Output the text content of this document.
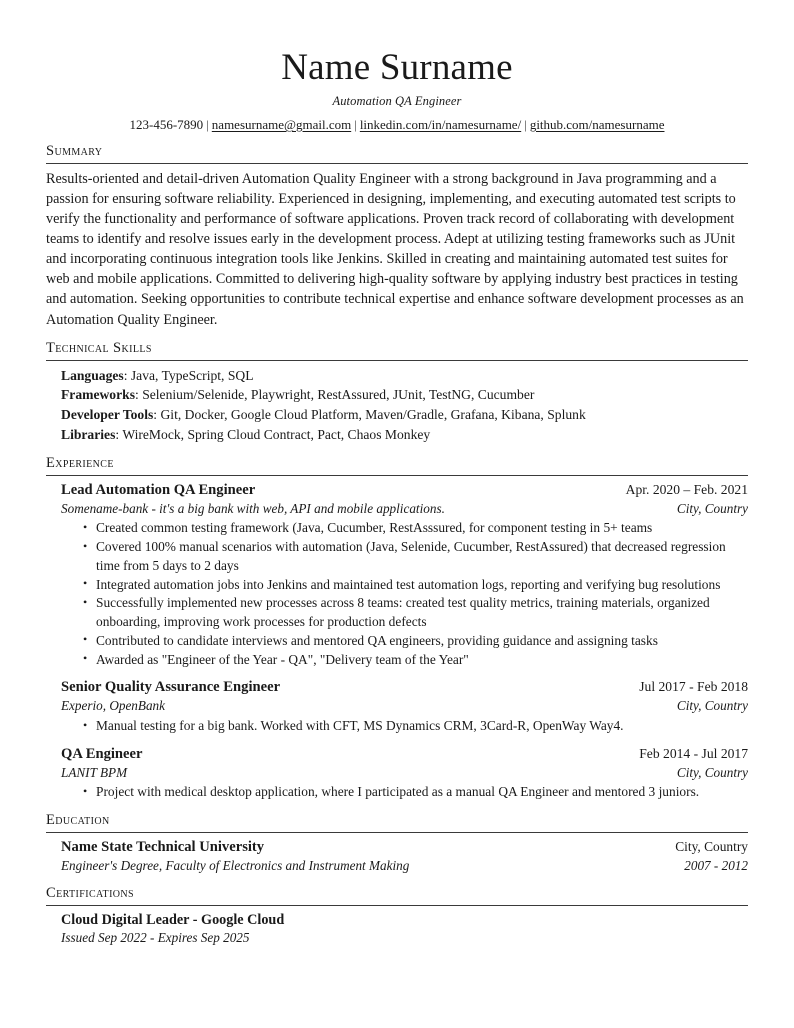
Name Surname
Automation QA Engineer
123-456-7890 | namesurname@gmail.com | linkedin.com/in/namesurname/ | github.com/namesurname
Summary

Results-oriented and detail-driven Automation Quality Engineer with a strong background in Java programming and a passion for ensuring software reliability. Experienced in designing, implementing, and executing automated test scripts to verify the functionality and performance of software applications. Proven track record of collaborating with development teams to identify and resolve issues early in the development process. Adept at utilizing testing frameworks such as JUnit and incorporating continuous integration tools like Jenkins. Skilled in creating and maintaining automated test suites for web and mobile applications. Committed to delivering high-quality software by applying industry best practices in testing and automation. Seeking opportunities to contribute technical expertise and enhance software development processes as an Automation Quality Engineer.

Technical Skills
Languages: Java, TypeScript, SQL
Frameworks: Selenium/Selenide, Playwright, RestAssured, JUnit, TestNG, Cucumber
Developer Tools: Git, Docker, Google Cloud Platform, Maven/Gradle, Grafana, Kibana, Splunk
Libraries: WireMock, Spring Cloud Contract, Pact, Chaos Monkey
Experience
Lead Automation QA Engineer	Apr. 2020 – Feb. 2021
Somename-bank - it's a big bank with web, API and mobile applications.	City, Country
• Created common testing framework (Java, Cucumber, RestAsssured, for component testing in 5+ teams
• Covered 100% manual scenarios with automation (Java, Selenide, Cucumber, RestAssured) that decreased regression time from 5 days to 2 days
• Integrated automation jobs into Jenkins and maintained test automation logs, reporting and verifying bug resolutions
• Successfully implemented new processes across 8 teams: created test quality metrics, training materials, organized onboarding, improving work processes for production defects
• Contributed to candidate interviews and mentored QA engineers, providing guidance and assigning tasks
• Awarded as "Engineer of the Year - QA", "Delivery team of the Year"
Senior Quality Assurance Engineer	Jul 2017 - Feb 2018
Experio, OpenBank	City, Country
• Manual testing for a big bank. Worked with CFT, MS Dynamics CRM, 3Card-R, OpenWay Way4.
QA Engineer	Feb 2014 - Jul 2017
LANIT BPM	City, Country
• Project with medical desktop application, where I participated as a manual QA Engineer and mentored 3 juniors.
Education
Name State Technical University	City, Country
Engineer's Degree, Faculty of Electronics and Instrument Making	2007 - 2012
Certifications
Cloud Digital Leader - Google Cloud
Issued Sep 2022 - Expires Sep 2025
